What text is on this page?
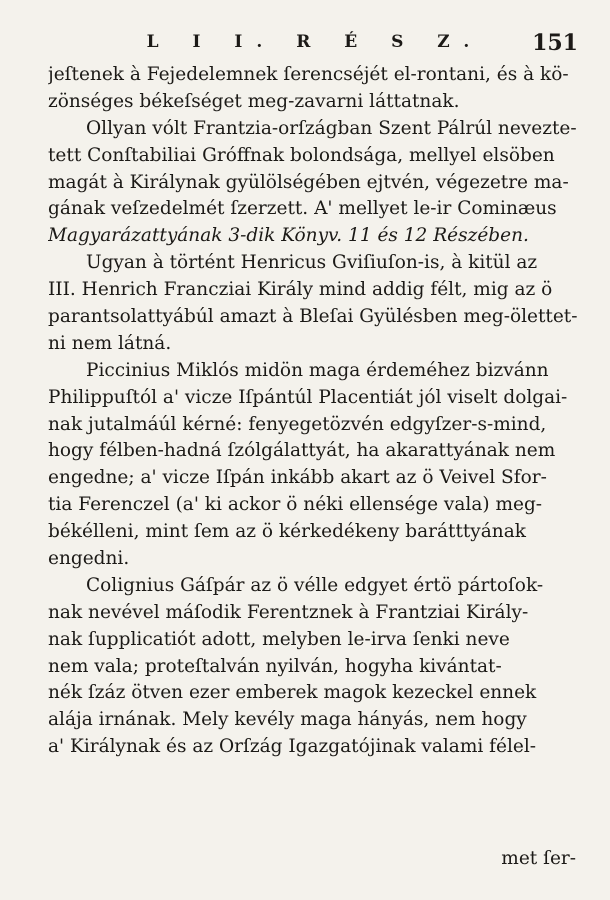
L I I. R É S Z.	151
jeſtenek à Fejedelemnek ſerencséjét el-rontani, és à kö-
zönséges békeſséget meg-zavarni láttatnak.
Ollyan vólt Frantzia-orſzágban Szent Pálrúl nevezte-
tett Conſtabiliai Gróffnak bolondsága, mellyel elsöben
magát à Királynak gyülölségében ejtvén, végezetre ma-
gának veſzedelmét ſzerzett. A' mellyet le-ir Cominæus
Magyarázattyának 3-dik Könyv. 11 és 12 Részében.
Ugyan à történt Henricus Gviſiuſon-is, à kitül az
III. Henrich Francziai Király mind addig félt, mig az ö
parantsolattyábúl amazt à Bleſai Gyülésben meg-ölettet-
ni nem látná.
Piccinius Miklós midön maga érdeméhez bizvánn
Philippuſtól a' vicze Iſpántúl Placentiát jól viselt dolgai-
nak jutalmáúl kérné: fenyegetözvén edgyſzer-s-mind,
hogy félben-hadná ſzólgálattyát, ha akarattyának nem
engedne; a' vicze Iſpán inkább akart az ö Veivel Sfor-
tia Ferenczel (a' ki ackor ö néki ellensége vala) meg-
békélleni, mint ſem az ö kérkedékeny barátttyának
engedni.
Colignius Gáſpár az ö vélle edgyet értö pártoſok-
nak nevével máſodik Ferentznek à Frantziai Király-
nak ſupplicatiót adott, melyben le-irva ſenki neve
nem vala; proteſtalván nyilván, hogyha kivántat-
nék ſzáz ötven ezer emberek magok kezeckel ennek
alája irnának. Mely kevély maga hányás, nem hogy
a' Királynak és az Orſzág Igazgatójinak valami félel-
met ſer-
